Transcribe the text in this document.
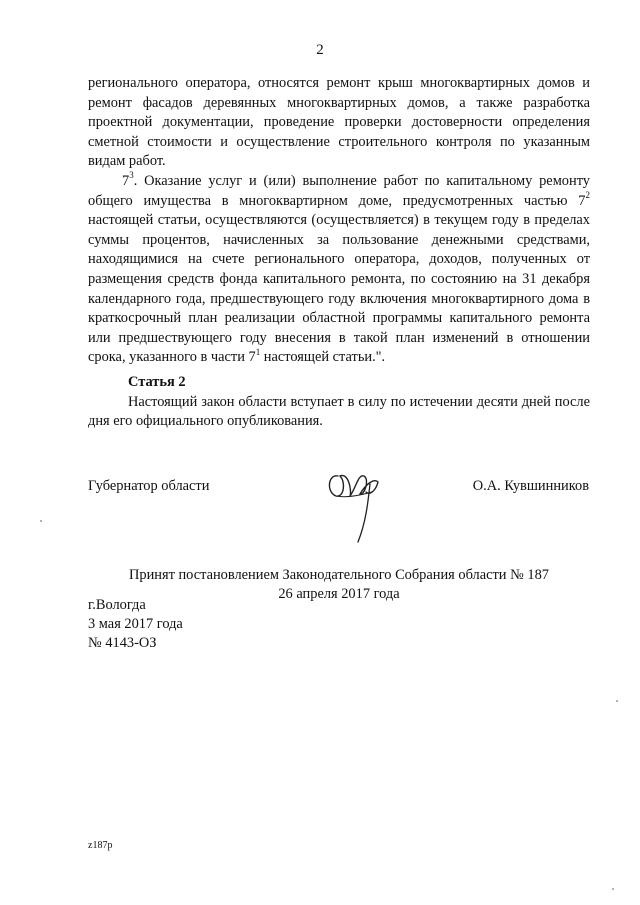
2

регионального оператора, относятся ремонт крыш многоквартирных домов и ремонт фасадов деревянных многоквартирных домов, а также разработка проектной документации, проведение проверки достоверности определения сметной стоимости и осуществление строительного контроля по указанным видам работ.

$7^3$. Оказание услуг и (или) выполнение работ по капитальному ремонту общего имущества в многоквартирном доме, предусмотренных частью $7^2$ настоящей статьи, осуществляются (осуществляется) в текущем году в пределах суммы процентов, начисленных за пользование денежными средствами, находящимися на счете регионального оператора, доходов, полученных от размещения средств фонда капитального ремонта, по состоянию на 31 декабря календарного года, предшествующего году включения многоквартирного дома в краткосрочный план реализации областной программы капитального ремонта или предшествующего году внесения в такой план изменений в отношении срока, указанного в части $7^1$ настоящей статьи.".

Статья 2

Настоящий закон области вступает в силу по истечении десяти дней после дня его официального опубликования.

Губернатор области	О.А. Кувшинников
Принят постановлением Законодательного Собрания области № 187
26 апреля 2017 года
г.Вологда
3 мая 2017 года
№ 4143-ОЗ
z187р
